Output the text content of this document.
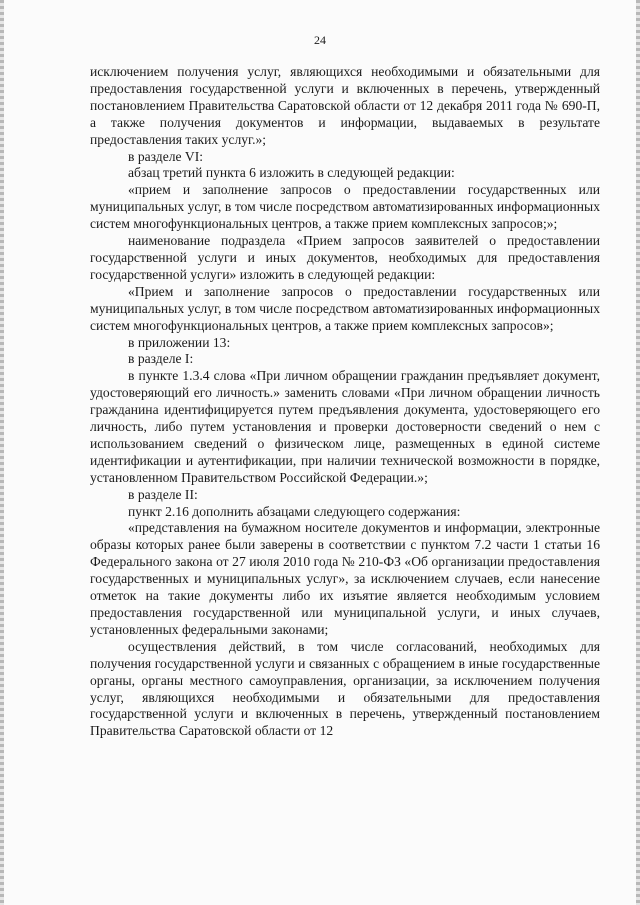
24

исключением получения услуг, являющихся необходимыми и обязательными для предоставления государственной услуги и включенных в перечень, утвержденный постановлением Правительства Саратовской области от 12 декабря 2011 года № 690-П, а также получения документов и информации, выдаваемых в результате предоставления таких услуг.»;

в разделе VI:

абзац третий пункта 6 изложить в следующей редакции:

«прием и заполнение запросов о предоставлении государственных или муниципальных услуг, в том числе посредством автоматизированных информационных систем многофункциональных центров, а также прием комплексных запросов;»;

наименование подраздела «Прием запросов заявителей о предоставлении государственной услуги и иных документов, необходимых для предоставления государственной услуги» изложить в следующей редакции:

«Прием и заполнение запросов о предоставлении государственных или муниципальных услуг, в том числе посредством автоматизированных информационных систем многофункциональных центров, а также прием комплексных запросов»;

в приложении 13:

в разделе I:

в пункте 1.3.4 слова «При личном обращении гражданин предъявляет документ, удостоверяющий его личность.» заменить словами «При личном обращении личность гражданина идентифицируется путем предъявления документа, удостоверяющего его личность, либо путем установления и проверки достоверности сведений о нем с использованием сведений о физическом лице, размещенных в единой системе идентификации и аутентификации, при наличии технической возможности в порядке, установленном Правительством Российской Федерации.»;

в разделе II:

пункт 2.16 дополнить абзацами следующего содержания:

«представления на бумажном носителе документов и информации, электронные образы которых ранее были заверены в соответствии с пунктом 7.2 части 1 статьи 16 Федерального закона от 27 июля 2010 года № 210-ФЗ «Об организации предоставления государственных и муниципальных услуг», за исключением случаев, если нанесение отметок на такие документы либо их изъятие является необходимым условием предоставления государственной или муниципальной услуги, и иных случаев, установленных федеральными законами;

осуществления действий, в том числе согласований, необходимых для получения государственной услуги и связанных с обращением в иные государственные органы, органы местного самоуправления, организации, за исключением получения услуг, являющихся необходимыми и обязательными для предоставления государственной услуги и включенных в перечень, утвержденный постановлением Правительства Саратовской области от 12
